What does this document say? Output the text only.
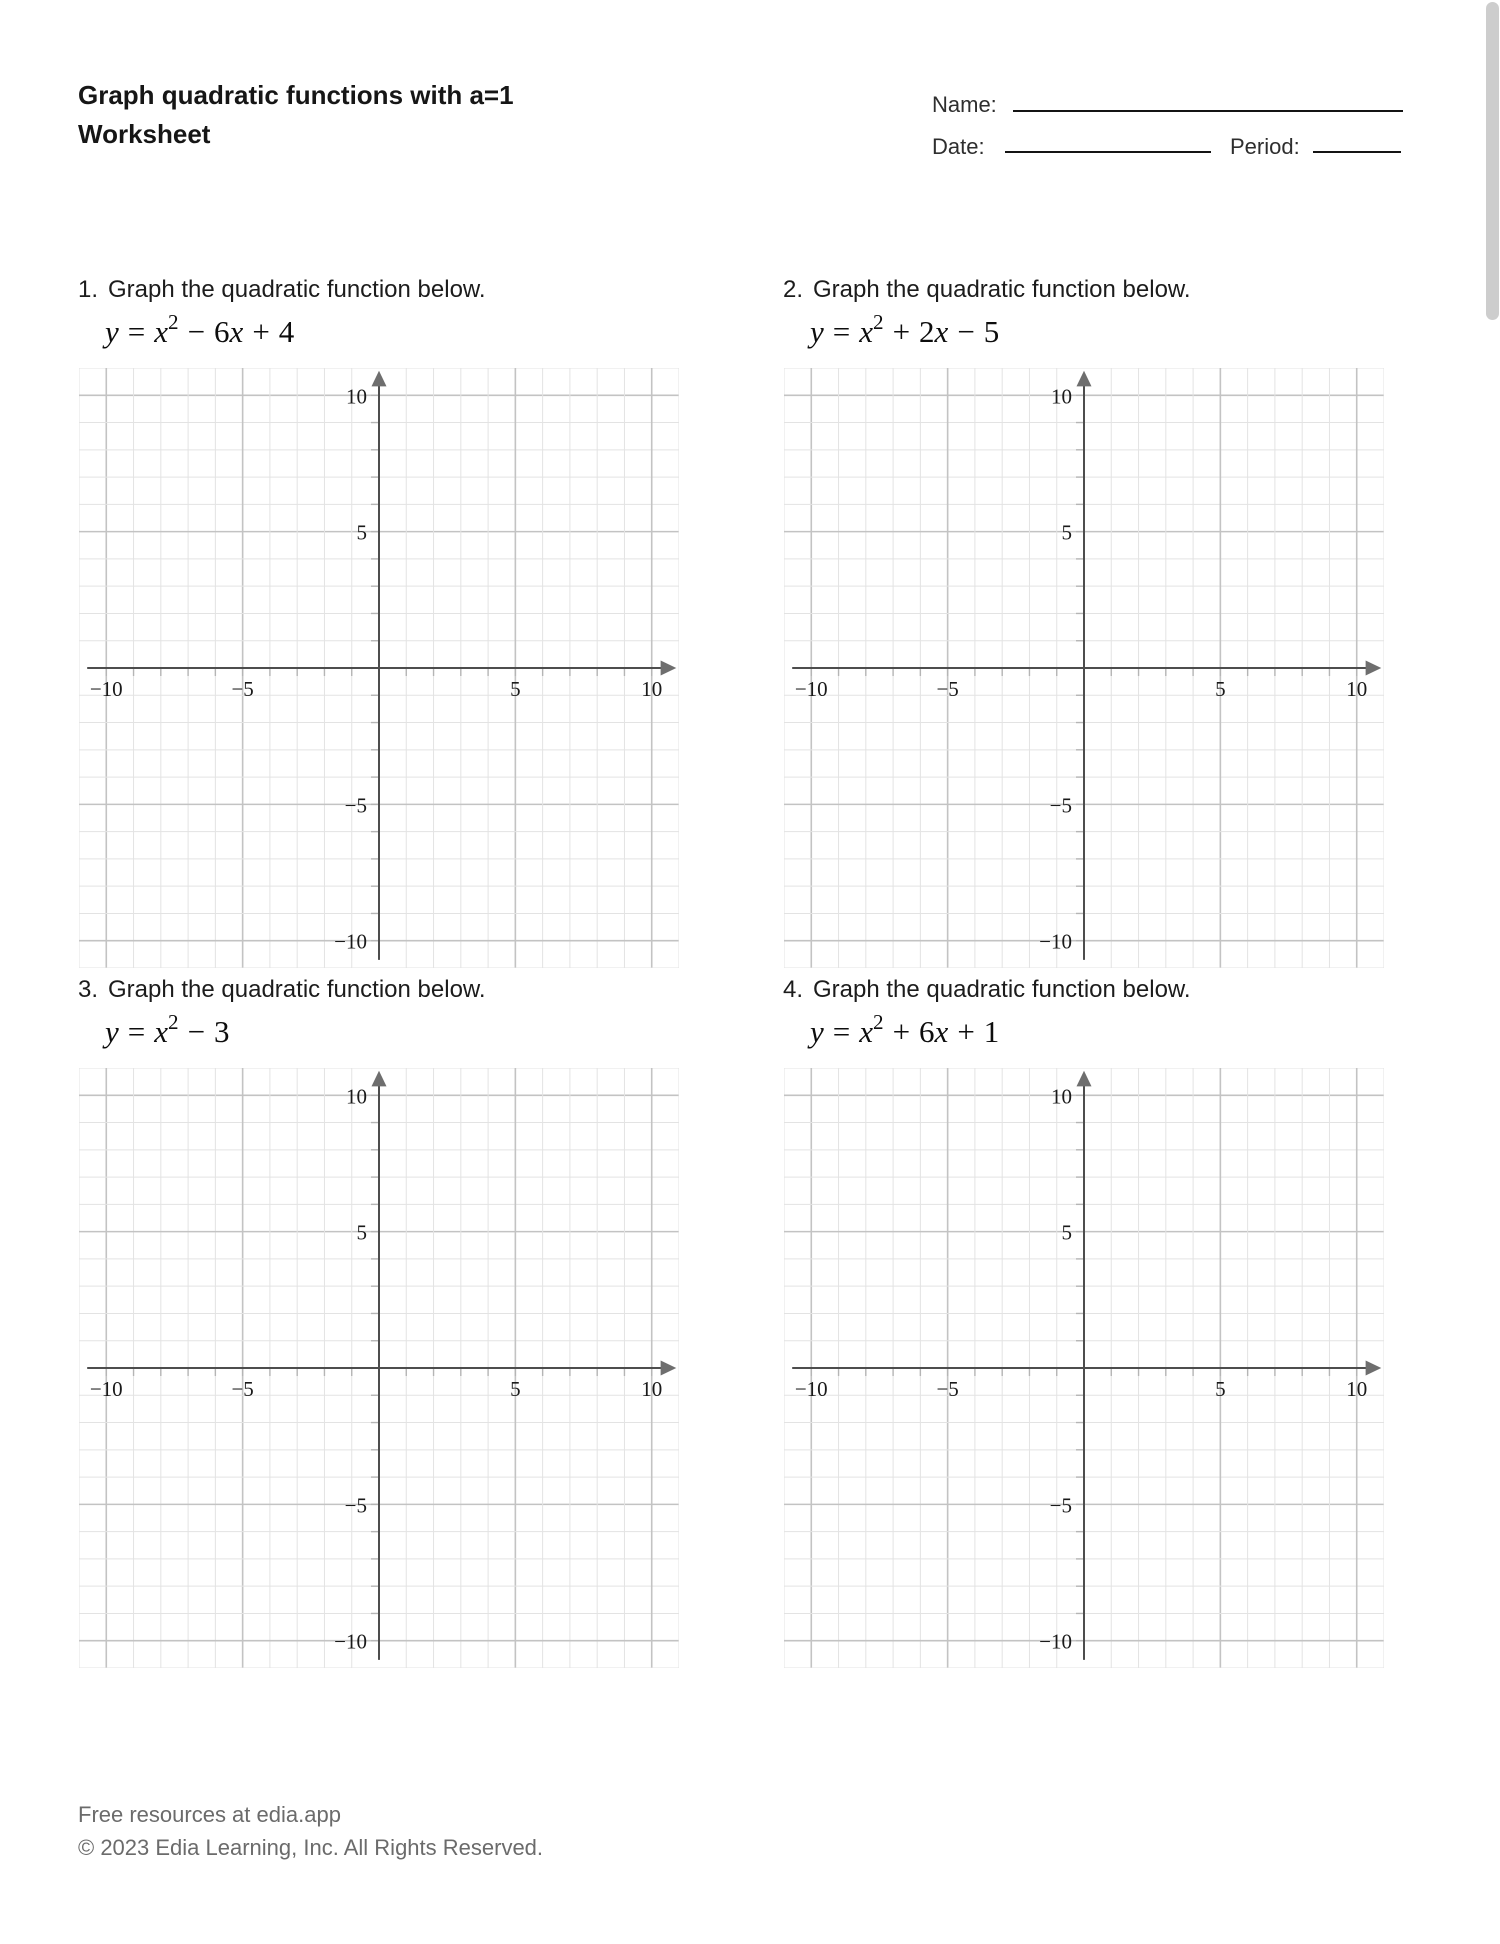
Graph quadratic functions with a=1
Worksheet
Name:
Date:	Period:
1. Graph the quadratic function below.
$y = x^2 - 6x + 4$
−10	−5	5	10
10
5
−5
−10
2. Graph the quadratic function below.
$y = x^2 + 2x - 5$
−10	−5	5	10
10
5
−5
−10
3. Graph the quadratic function below.
$y = x^2 - 3$
−10	−5	5	10
10
5
−5
−10
4. Graph the quadratic function below.
$y = x^2 + 6x + 1$
−10	−5	5	10
10
5
−5
−10
Free resources at edia.app
© 2023 Edia Learning, Inc. All Rights Reserved.
